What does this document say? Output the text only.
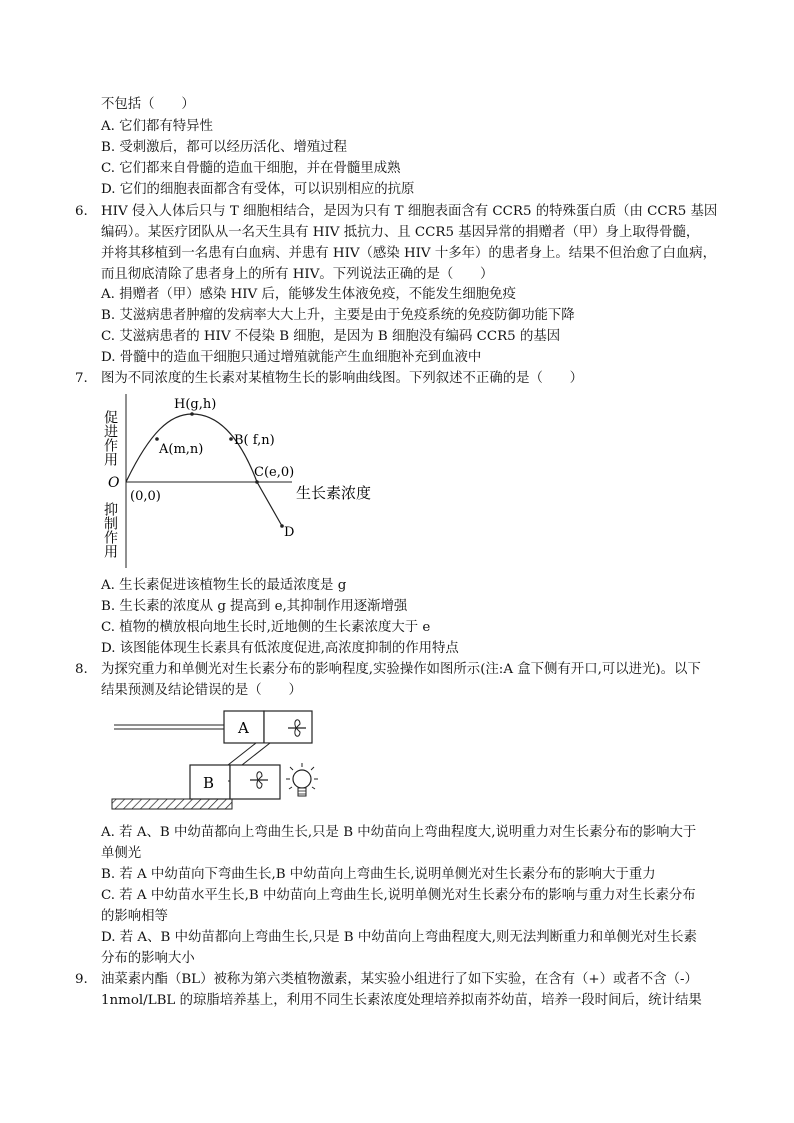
不包括（　　）
A. 它们都有特异性
B. 受刺激后，都可以经历活化、增殖过程
C. 它们都来自骨髓的造血干细胞，并在骨髓里成熟
D. 它们的细胞表面都含有受体，可以识别相应的抗原
6. HIV 侵入人体后只与 T 细胞相结合，是因为只有 T 细胞表面含有 CCR5 的特殊蛋白质（由 CCR5 基因
编码）。某医疗团队从一名天生具有 HIV 抵抗力、且 CCR5 基因异常的捐赠者（甲）身上取得骨髓，
并将其移植到一名患有白血病、并患有 HIV（感染 HIV 十多年）的患者身上。结果不但治愈了白血病，
而且彻底清除了患者身上的所有 HIV。下列说法正确的是（　　）
A. 捐赠者（甲）感染 HIV 后，能够发生体液免疫，不能发生细胞免疫
B. 艾滋病患者肿瘤的发病率大大上升，主要是由于免疫系统的免疫防御功能下降
C. 艾滋病患者的 HIV 不侵染 B 细胞，是因为 B 细胞没有编码 CCR5 的基因
D. 骨髓中的造血干细胞只通过增殖就能产生血细胞补充到血液中
7. 图为不同浓度的生长素对某植物生长的影响曲线图。下列叙述不正确的是（　　）
促进作用
抑制作用
O
(0,0)	生长素浓度
A(m,n)
H(g,h)
B( f,n)
C(e,0)
D
A. 生长素促进该植物生长的最适浓度是 g
B. 生长素的浓度从 g 提高到 e,其抑制作用逐渐增强
C. 植物的横放根向地生长时,近地侧的生长素浓度大于 e
D. 该图能体现生长素具有低浓度促进,高浓度抑制的作用特点
8. 为探究重力和单侧光对生长素分布的影响程度,实验操作如图所示(注:A 盒下侧有开口,可以进光)。以下
结果预测及结论错误的是（　　）
A
B
A. 若 A、B 中幼苗都向上弯曲生长,只是 B 中幼苗向上弯曲程度大,说明重力对生长素分布的影响大于
单侧光
B. 若 A 中幼苗向下弯曲生长,B 中幼苗向上弯曲生长,说明单侧光对生长素分布的影响大于重力
C. 若 A 中幼苗水平生长,B 中幼苗向上弯曲生长,说明单侧光对生长素分布的影响与重力对生长素分布
的影响相等
D. 若 A、B 中幼苗都向上弯曲生长,只是 B 中幼苗向上弯曲程度大,则无法判断重力和单侧光对生长素
分布的影响大小
9. 油菜素内酯（BL）被称为第六类植物激素，某实验小组进行了如下实验，在含有（+）或者不含（-）
1nmol/LBL 的琼脂培养基上，利用不同生长素浓度处理培养拟南芥幼苗，培养一段时间后，统计结果
